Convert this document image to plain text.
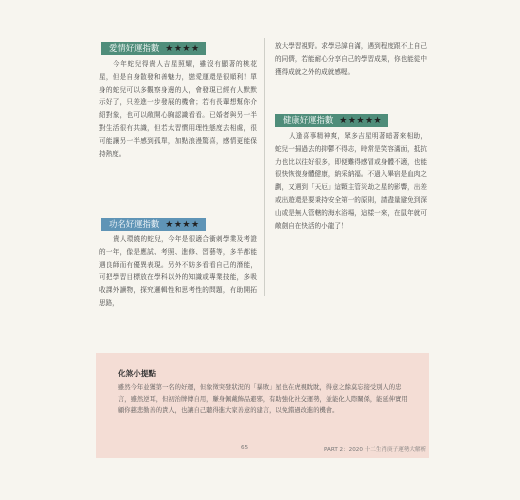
愛情好運指數 ★★★★

今年蛇兒得貴人吉星照耀，雖沒有顯著的桃花星，但是自身散發和善魅力，戀愛運還是很順利！單身的蛇兒可以多觀察身邊的人，會發現已經有人默默示好了，只差進一步發展的機會；若有長輩想幫你介紹對象，也可以敞開心胸認識看看。已婚者與另一半對生活很有共識，但若太習慣用理性態度去相處，很可能讓另一半感到孤單，加點浪漫驚喜，感情更能保持熱度。

功名好運指數 ★★★★

貴人環繞的蛇兒，今年是很適合衝刺學業及考證的一年，像是應試、考照、進修、習藝等，多半都能遇良師而有優異表現。另外不妨多看看自己的潛能，可把學習目標放在學科以外的知識或專業技能，多吸收課外讀物，探究邏輯性和思考性的問題，有助開拓思路，

放大學習視野。求學忌諱自滿，遇到程度跟不上自己的同儕，若能耐心分享自己的學習成果，你也能從中獲得成就之外的成就感喔。

健康好運指數 ★★★★★

人逢喜事精神爽，眾多吉星明著暗著來相助，蛇兒一掃過去的抑鬱不得志，時常是笑容滿面，抵抗力也比以往好很多，即便難得感冒或身體不適，也能很快恢復身體健康，納采納福。不過入畢宿是血肉之劃，又遇到「天厄」這顆主管災劫之星的影響，出差或出遊還是要秉持安全第一的原則，請盡量避免到深山或是無人管轄的海水浴場，這樣一來，在鼠年就可敵劍自在快活的小龍了！

化煞小提點

雖然今年並獲第一名的好運，但象徵突發狀況的「暴敗」星也在虎視眈眈，得意之餘莫忘接受別人的忠言，雖然逆耳，但初治牌傳自用，賺身佩戴飾品避邪，有助強化社交運勢，並能化人際關係，能延伸實用顧你慈悲勤善的貴人，也讓自己聽得進大家善意的建言，以免錯過改進的機會。

65	PART 2：2020 十二生肖庚子運勢大解析
